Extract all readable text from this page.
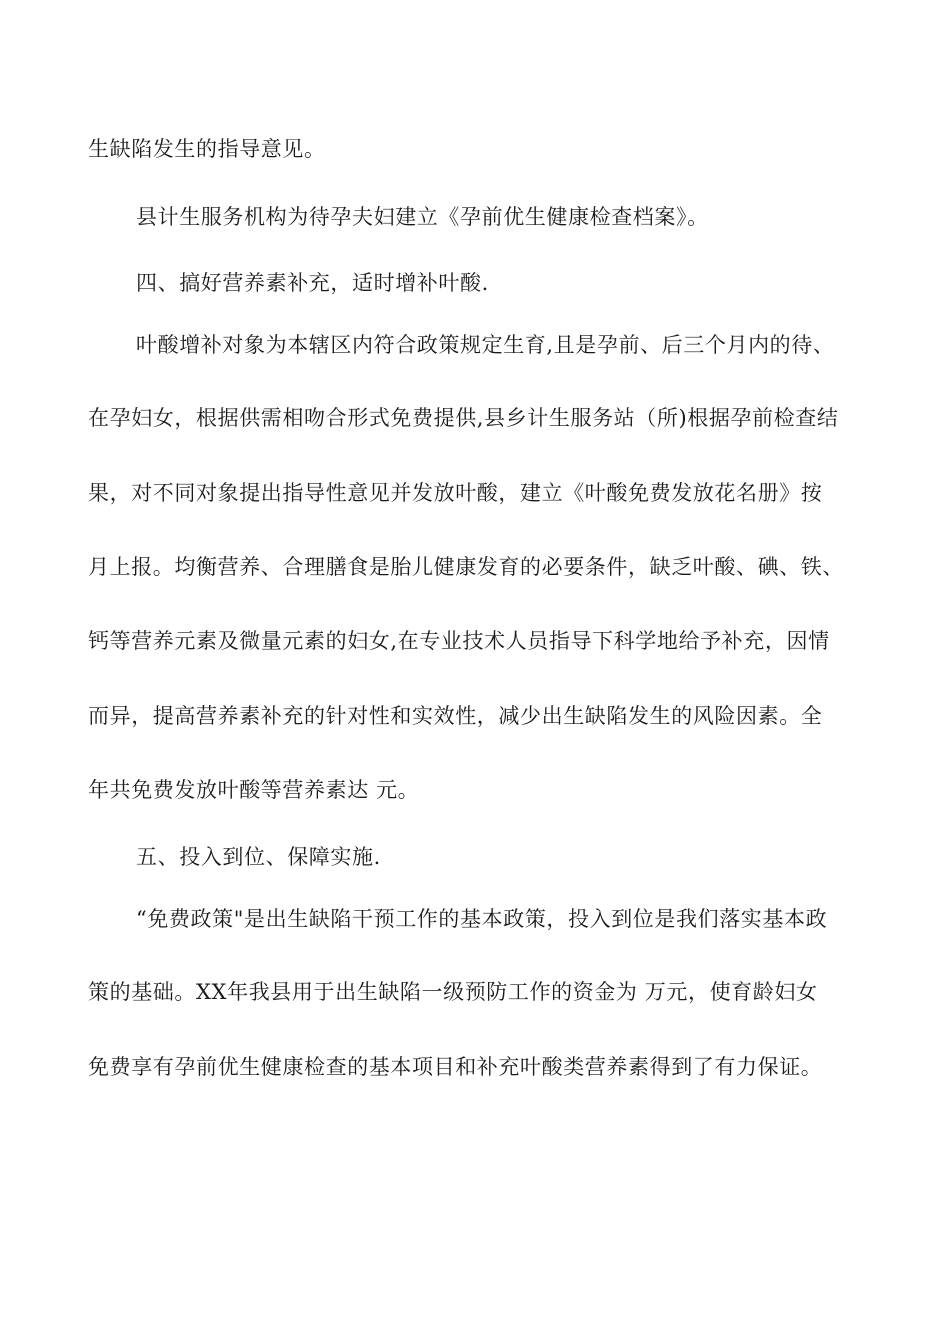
生缺陷发生的指导意见。
县计生服务机构为待孕夫妇建立《孕前优生健康检查档案》。
四、搞好营养素补充，适时增补叶酸.
叶酸增补对象为本辖区内符合政策规定生育,且是孕前、后三个月内的待、
在孕妇女，根据供需相吻合形式免费提供,县乡计生服务站（所)根据孕前检查结
果，对不同对象提出指导性意见并发放叶酸，建立《叶酸免费发放花名册》按
月上报。均衡营养、合理膳食是胎儿健康发育的必要条件，缺乏叶酸、碘、铁、
钙等营养元素及微量元素的妇女,在专业技术人员指导下科学地给予补充，因情
而异，提高营养素补充的针对性和实效性，减少出生缺陷发生的风险因素。全
年共免费发放叶酸等营养素达 元。
五、投入到位、保障实施.
“免费政策"是出生缺陷干预工作的基本政策，投入到位是我们落实基本政
策的基础。XX年我县用于出生缺陷一级预防工作的资金为 万元，使育龄妇女
免费享有孕前优生健康检查的基本项目和补充叶酸类营养素得到了有力保证。
